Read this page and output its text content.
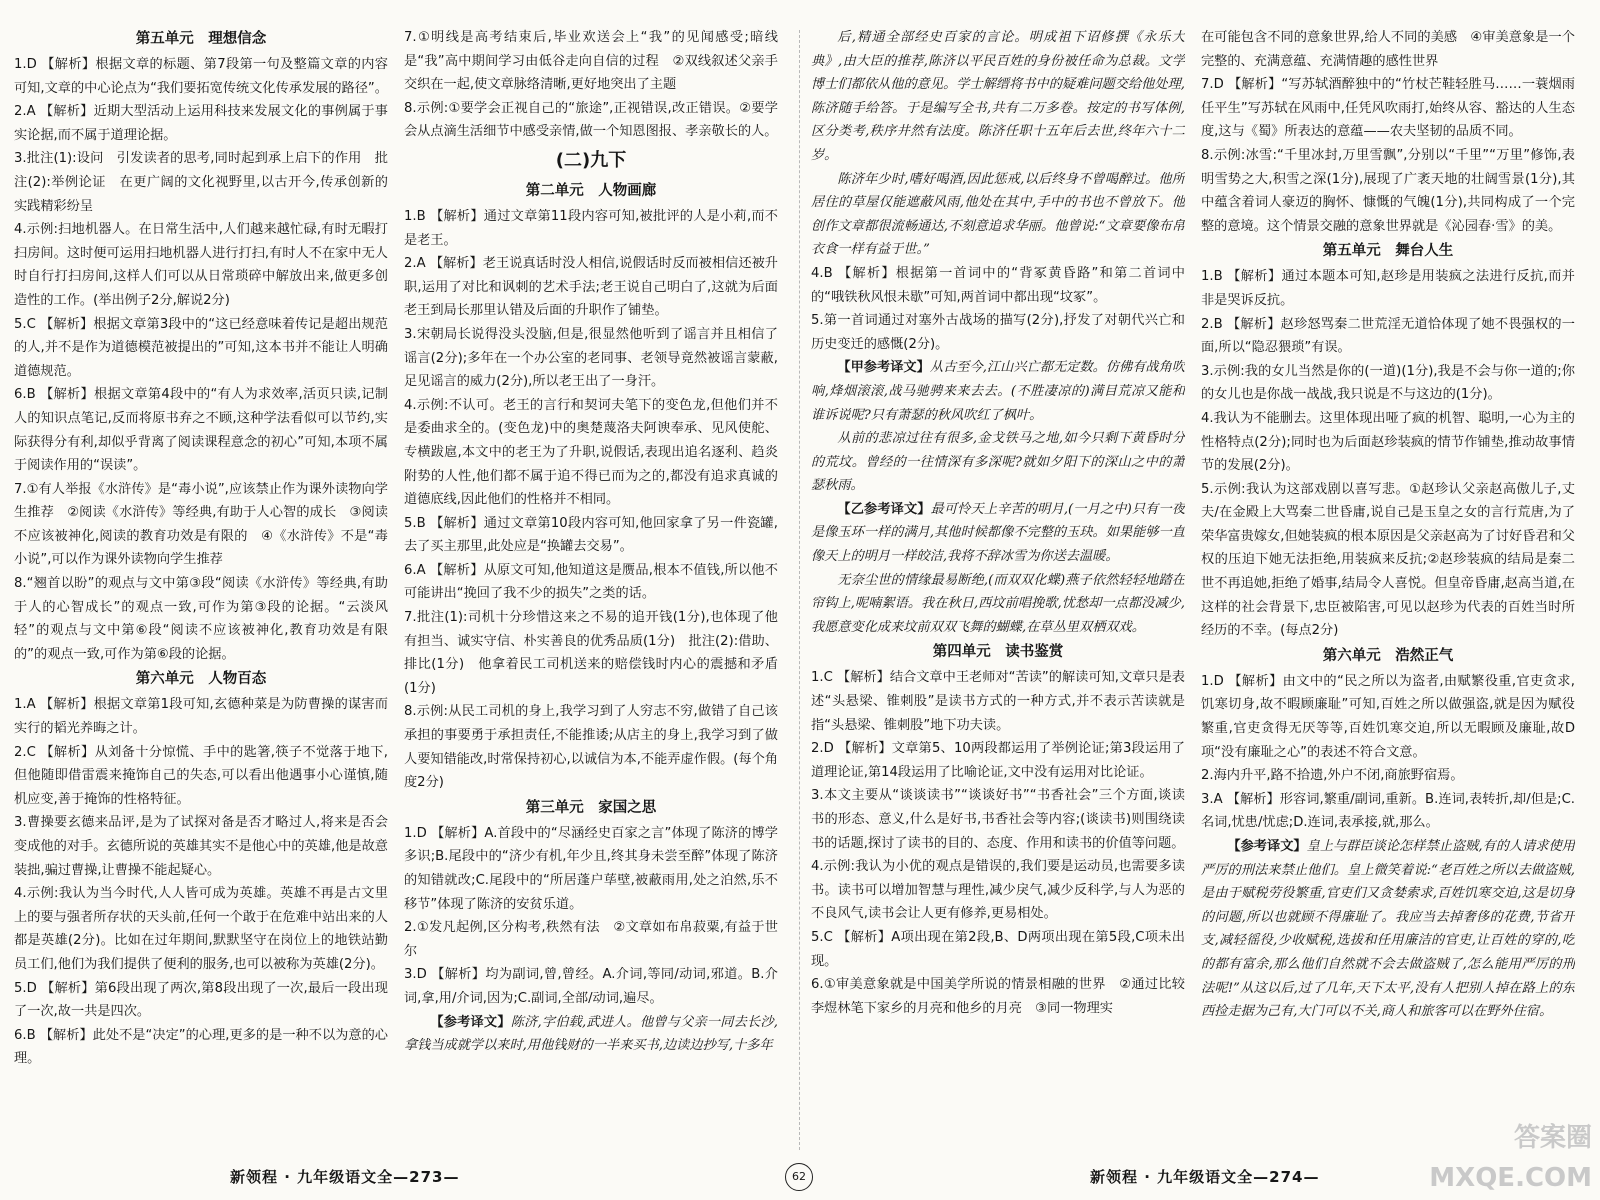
第五单元　理想信念

1.D 【解析】根据文章的标题、第7段第一句及整篇文章的内容可知,文章的中心论点为“我们要拓宽传统文化传承发展的路径”。

2.A 【解析】近期大型活动上运用科技来发展文化的事例属于事实论据,而不属于道理论据。

3.批注(1):设问　引发读者的思考,同时起到承上启下的作用　批注(2):举例论证　在更广阔的文化视野里,以古开今,传承创新的实践精彩纷呈

4.示例:扫地机器人。在日常生活中,人们越来越忙碌,有时无暇打扫房间。这时便可运用扫地机器人进行打扫,有时人不在家中无人时自行打扫房间,这样人们可以从日常琐碎中解放出来,做更多创造性的工作。(举出例子2分,解说2分)

5.C 【解析】根据文章第3段中的“这已经意味着传记是超出规范的人,并不是作为道德模范被提出的”可知,这本书并不能让人明确道德规范。

6.B 【解析】根据文章第4段中的“有人为求效率,活页只读,记制人的知识点笔记,反而将原书弃之不顾,这种学法看似可以节约,实际获得分有利,却似乎背离了阅读课程意念的初心”可知,本项不属于阅读作用的“误读”。

7.①有人举报《水浒传》是“毒小说”,应该禁止作为课外读物向学生推荐　②阅读《水浒传》等经典,有助于人心智的成长　③阅读不应该被神化,阅读的教育功效是有限的　④《水浒传》不是“毒小说”,可以作为课外读物向学生推荐

8.“翘首以盼”的观点与文中第③段“阅读《水浒传》等经典,有助于人的心智成长”的观点一致,可作为第③段的论据。“云淡风轻”的观点与文中第⑥段“阅读不应该被神化,教育功效是有限的”的观点一致,可作为第⑥段的论据。

第六单元　人物百态

1.A 【解析】根据文章第1段可知,玄德种菜是为防曹操的谋害而实行的韬光养晦之计。

2.C 【解析】从刘备十分惊慌、手中的匙箸,筷子不觉落于地下,但他随即借雷震来掩饰自己的失态,可以看出他遇事小心谨慎,随机应变,善于掩饰的性格特征。

3.曹操要玄德来品评,是为了试探对备是否才略过人,将来是否会变成他的对手。玄德所说的英雄其实不是他心中的英雄,他是故意装拙,骗过曹操,让曹操不能起疑心。

4.示例:我认为当今时代,人人皆可成为英雄。英雄不再是古文里上的要与强者所存状的天头前,任何一个敢于在危难中站出来的人都是英雄(2分)。比如在过年期间,默默坚守在岗位上的地铁站勤员工们,他们为我们提供了便利的服务,也可以被称为英雄(2分)。

5.D 【解析】第6段出现了两次,第8段出现了一次,最后一段出现了一次,故一共是四次。

6.B 【解析】此处不是“决定”的心理,更多的是一种不以为意的心理。

7.①明线是高考结束后,毕业欢送会上“我”的见闻感受;暗线是“我”高中期间学习由低谷走向自信的过程　②双线叙述父亲手交织在一起,使文章脉络清晰,更好地突出了主题

8.示例:①要学会正视自己的“旅途”,正视错误,改正错误。②要学会从点滴生活细节中感受亲情,做一个知恩图报、孝亲敬长的人。

(二)九下

第二单元　人物画廊

1.B 【解析】通过文章第11段内容可知,被批评的人是小莉,而不是老王。

2.A 【解析】老王说真话时没人相信,说假话时反而被相信还被升职,运用了对比和讽刺的艺术手法;老王说自己明白了,这就为后面老王到局长那里认错及后面的升职作了铺垫。

3.宋朝局长说得没头没脑,但是,很显然他听到了谣言并且相信了谣言(2分);多年在一个办公室的老同事、老领导竟然被谣言蒙蔽,足见谣言的威力(2分),所以老王出了一身汗。

4.示例:不认可。老王的言行和契诃夫笔下的变色龙,但他们并不是委曲求全的。(变色龙)中的奥楚蔑洛夫阿谀奉承、见风使舵、专横跋扈,本文中的老王为了升职,说假话,表现出追名逐利、趋炎附势的人性,他们都不属于追不得已而为之的,都没有追求真诚的道德底线,因此他们的性格并不相同。

5.B 【解析】通过文章第10段内容可知,他回家拿了另一件瓷罐,去了买主那里,此处应是“换罐去交易”。

6.A 【解析】从原文可知,他知道这是赝品,根本不值钱,所以他不可能讲出“挽回了我不少的损失”之类的话。

7.批注(1):司机十分珍惜这来之不易的追开钱(1分),也体现了他有担当、诚实守信、朴实善良的优秀品质(1分)　批注(2):借助、排比(1分)　他拿着民工司机送来的赔偿钱时内心的震撼和矛盾(1分)

8.示例:从民工司机的身上,我学习到了人穷志不穷,做错了自己该承担的事要勇于承担责任,不能推诿;从店主的身上,我学习到了做人要知错能改,时常保持初心,以诚信为本,不能弄虚作假。(每个角度2分)

第三单元　家国之思

1.D 【解析】A.首段中的“尽涵经史百家之言”体现了陈济的博学多识;B.尾段中的“济少有机,年少且,终其身未尝至醉”体现了陈济的知错就改;C.尾段中的“所居蓬户荜壁,被蔽雨用,处之泊然,乐不移节”体现了陈济的安贫乐道。

2.①发凡起例,区分构考,秩然有法　②文章如布帛菽粟,有益于世尔

3.D 【解析】均为副词,曾,曾经。A.介词,等同/动词,邪道。B.介词,拿,用/介词,因为;C.副词,全部/动词,遍尽。

【参考译文】陈济,字伯载,武进人。他曾与父亲一同去长沙,拿钱当成就学以来时,用他钱财的一半来买书,边读边抄写,十多年

新领程 · 九年级语文全—273—	62

后,精通全部经史百家的言论。明成祖下诏修撰《永乐大典》,由大臣的推荐,陈济以平民百姓的身份被任命为总裁。文学博士们都依从他的意见。学士解缙将书中的疑难问题交给他处理,陈济随手给答。于是编写全书,共有二万多卷。按定的书写体例,区分类考,秩序井然有法度。陈济任职十五年后去世,终年六十二岁。

陈济年少时,嗜好喝酒,因此惩戒,以后终身不曾喝醉过。他所居住的草屋仅能遮蔽风雨,他处在其中,手中的书也不曾放下。他创作文章都很流畅通达,不刻意追求华丽。他曾说:“文章要像布帛衣食一样有益于世。”

4.B 【解析】根据第一首词中的“背冢黄昏路”和第二首词中的“哦铁秋风恨未歇”可知,两首词中都出现“坟冢”。

5.第一首词通过对塞外古战场的描写(2分),抒发了对朝代兴亡和历史变迁的感慨(2分)。

【甲参考译文】从古至今,江山兴亡都无定数。仿佛有战角吹响,烽烟滚滚,战马驰骋来来去去。(不胜凄凉的)满目荒凉又能和谁诉说呢?只有萧瑟的秋风吹红了枫叶。

从前的悲凉过往有很多,金戈铁马之地,如今只剩下黄昏时分的荒坟。曾经的一往情深有多深呢?就如夕阳下的深山之中的萧瑟秋雨。

【乙参考译文】最可怜天上辛苦的明月,(一月之中)只有一夜是像玉环一样的满月,其他时候都像不完整的玉玦。如果能够一直像天上的明月一样皎洁,我将不辞冰雪为你送去温暖。

无奈尘世的情缘最易断绝,(而双双化蝶)燕子依然轻轻地踏在帘钩上,呢喃絮语。我在秋日,西坟前唱挽歌,忧愁却一点都没减少,我愿意变化成来坟前双双飞舞的蝴蝶,在草丛里双栖双戏。

第四单元　读书鉴赏

1.C 【解析】结合文章中王老师对“苦读”的解读可知,文章只是表述“头悬梁、锥刺股”是读书方式的一种方式,并不表示苦读就是指“头悬梁、锥刺股”地下功夫读。

2.D 【解析】文章第5、10两段都运用了举例论证;第3段运用了道理论证,第14段运用了比喻论证,文中没有运用对比论证。

3.本文主要从“谈谈读书”“谈谈好书”“书香社会”三个方面,谈读书的形态、意义,什么是好书,书香社会等内容;(谈读书)则围绕读书的话题,探讨了读书的目的、态度、作用和读书的价值等问题。

4.示例:我认为小优的观点是错误的,我们要是运动员,也需要多读书。读书可以增加智慧与理性,减少戾气,减少反科学,与人为恶的不良风气,读书会让人更有修养,更易相处。

5.C 【解析】A项出现在第2段,B、D两项出现在第5段,C项未出现。

6.①审美意象就是中国美学所说的情景相融的世界　②通过比较李煜林笔下家乡的月亮和他乡的月亮　③同一物理实

在可能包含不同的意象世界,给人不同的美感　④审美意象是一个完整的、充满意蕴、充满情趣的感性世界

7.D 【解析】“写苏轼酒醉独中的“竹杖芒鞋轻胜马……一蓑烟雨任平生”写苏轼在风雨中,任凭风吹雨打,始终从容、豁达的人生态度,这与《蜀》所表达的意蕴——农夫坚韧的品质不同。

8.示例:冰雪:“千里冰封,万里雪飘”,分别以“千里”“万里”修饰,表明雪势之大,积雪之深(1分),展现了广袤天地的壮阔雪景(1分),其中蕴含着词人豪迈的胸怀、慷慨的气魄(1分),共同构成了一个完整的意境。这个情景交融的意象世界就是《沁园春·雪》的美。

第五单元　舞台人生

1.B 【解析】通过本题本可知,赵珍是用装疯之法进行反抗,而并非是哭诉反抗。

2.B 【解析】赵珍怒骂秦二世荒淫无道恰体现了她不畏强权的一面,所以“隐忍猥琐”有误。

3.示例:我的女儿当然是你的(一道)(1分),我是不会与你一道的;你的女儿也是你战一战战,我只说是不与这边的(1分)。

4.我认为不能删去。这里体现出哑了疯的机智、聪明,一心为主的性格特点(2分);同时也为后面赵珍装疯的情节作铺垫,推动故事情节的发展(2分)。

5.示例:我认为这部戏剧以喜写悲。①赵珍认父亲赵高傲儿子,丈夫/在金殿上大骂秦二世昏庸,说自己是玉皇之女的言行荒唐,为了荣华富贵嫁女,但她装疯的根本原因是父亲赵高为了讨好昏君和父权的压迫下她无法拒绝,用装疯来反抗;②赵珍装疯的结局是秦二世不再追她,拒绝了婚事,结局令人喜悦。但皇帝昏庸,赵高当道,在这样的社会背景下,忠臣被陷害,可见以赵珍为代表的百姓当时所经历的不幸。(每点2分)

第六单元　浩然正气

1.D 【解析】由文中的“民之所以为盗者,由赋繁役重,官吏贪求,饥寒切身,故不暇顾廉耻”可知,百姓之所以做强盗,就是因为赋役繁重,官吏贪得无厌等等,百姓饥寒交迫,所以无暇顾及廉耻,故D项“没有廉耻之心”的表述不符合文意。

2.海内升平,路不拾遗,外户不闭,商旅野宿焉。

3.A 【解析】形容词,繁重/副词,重新。B.连词,表转折,却/但是;C.名词,忧患/忧虑;D.连词,表承接,就,那么。

【参考译文】皇上与群臣谈论怎样禁止盗贼,有的人请求使用严厉的刑法来禁止他们。皇上微笑着说:“老百姓之所以去做盗贼,是由于赋税劳役繁重,官吏们又贪婪索求,百姓饥寒交迫,这是切身的问题,所以也就顾不得廉耻了。我应当去掉奢侈的花费,节省开支,减轻徭役,少收赋税,选拔和任用廉洁的官吏,让百姓的穿的,吃的都有富余,那么他们自然就不会去做盗贼了,怎么能用严厉的刑法呢!”从这以后,过了几年,天下太平,没有人把别人掉在路上的东西捡走据为己有,大门可以不关,商人和旅客可以在野外住宿。

新领程 · 九年级语文全—274—
答案圈 MXQE.COM
